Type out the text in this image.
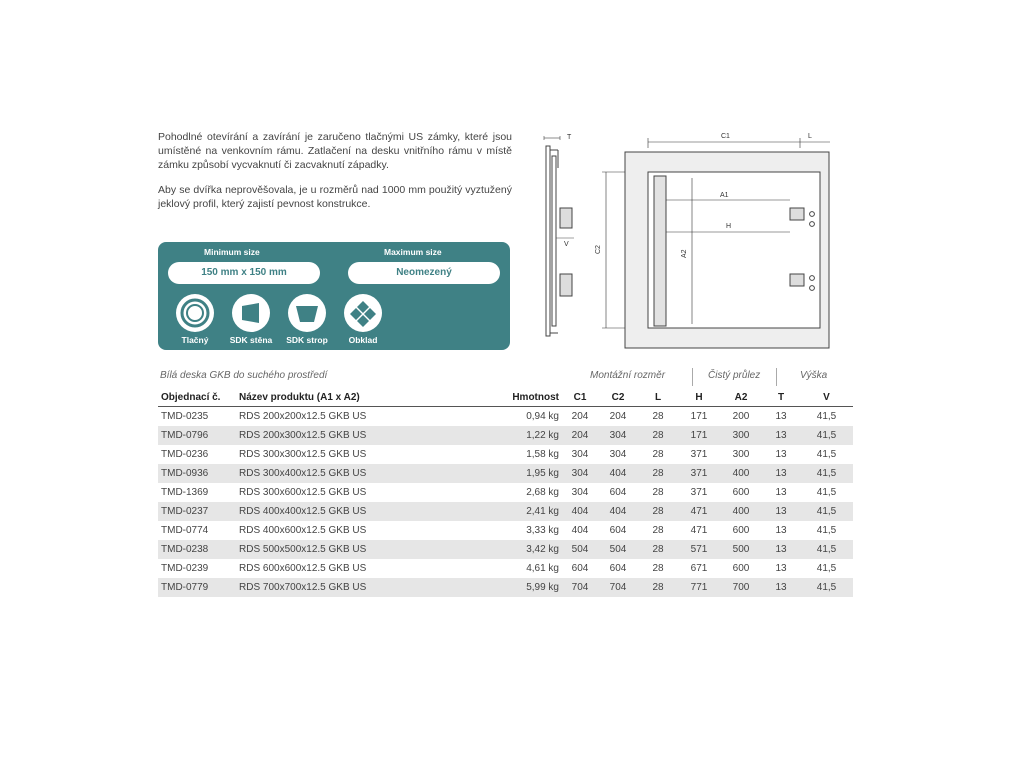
Pohodlné otevírání a zavírání je zaručeno tlačnými US zámky, které jsou umístěné na venkovním rámu. Zatlačení na desku vnitřního rámu v místě zámku způsobí vycvaknutí či zacvaknutí západky.

Aby se dvířka neprověšovala, je u rozměrů nad 1000 mm použitý vyztužený jeklový profil, který zajistí pevnost konstrukce.

Minimum size
150 mm x 150 mm
Maximum size
Neomezený
Tlačný	SDK stěna	SDK strop	Obklad
T
V
C1	L
C2	A2
A1
H
Bílá deska GKB do suchého prostředí	Montážní rozměr	Čistý průlez	Výška
Objednací č.	Název produktu (A1 x A2)	Hmotnost	C1	C2	L	H	A2	T	V
TMD-0235	RDS 200x200x12.5 GKB US	0,94 kg	204	204	28	171	200	13	41,5
TMD-0796	RDS 200x300x12.5 GKB US	1,22 kg	204	304	28	171	300	13	41,5
TMD-0236	RDS 300x300x12.5 GKB US	1,58 kg	304	304	28	371	300	13	41,5
TMD-0936	RDS 300x400x12.5 GKB US	1,95 kg	304	404	28	371	400	13	41,5
TMD-1369	RDS 300x600x12.5 GKB US	2,68 kg	304	604	28	371	600	13	41,5
TMD-0237	RDS 400x400x12.5 GKB US	2,41 kg	404	404	28	471	400	13	41,5
TMD-0774	RDS 400x600x12.5 GKB US	3,33 kg	404	604	28	471	600	13	41,5
TMD-0238	RDS 500x500x12.5 GKB US	3,42 kg	504	504	28	571	500	13	41,5
TMD-0239	RDS 600x600x12.5 GKB US	4,61 kg	604	604	28	671	600	13	41,5
TMD-0779	RDS 700x700x12.5 GKB US	5,99 kg	704	704	28	771	700	13	41,5
